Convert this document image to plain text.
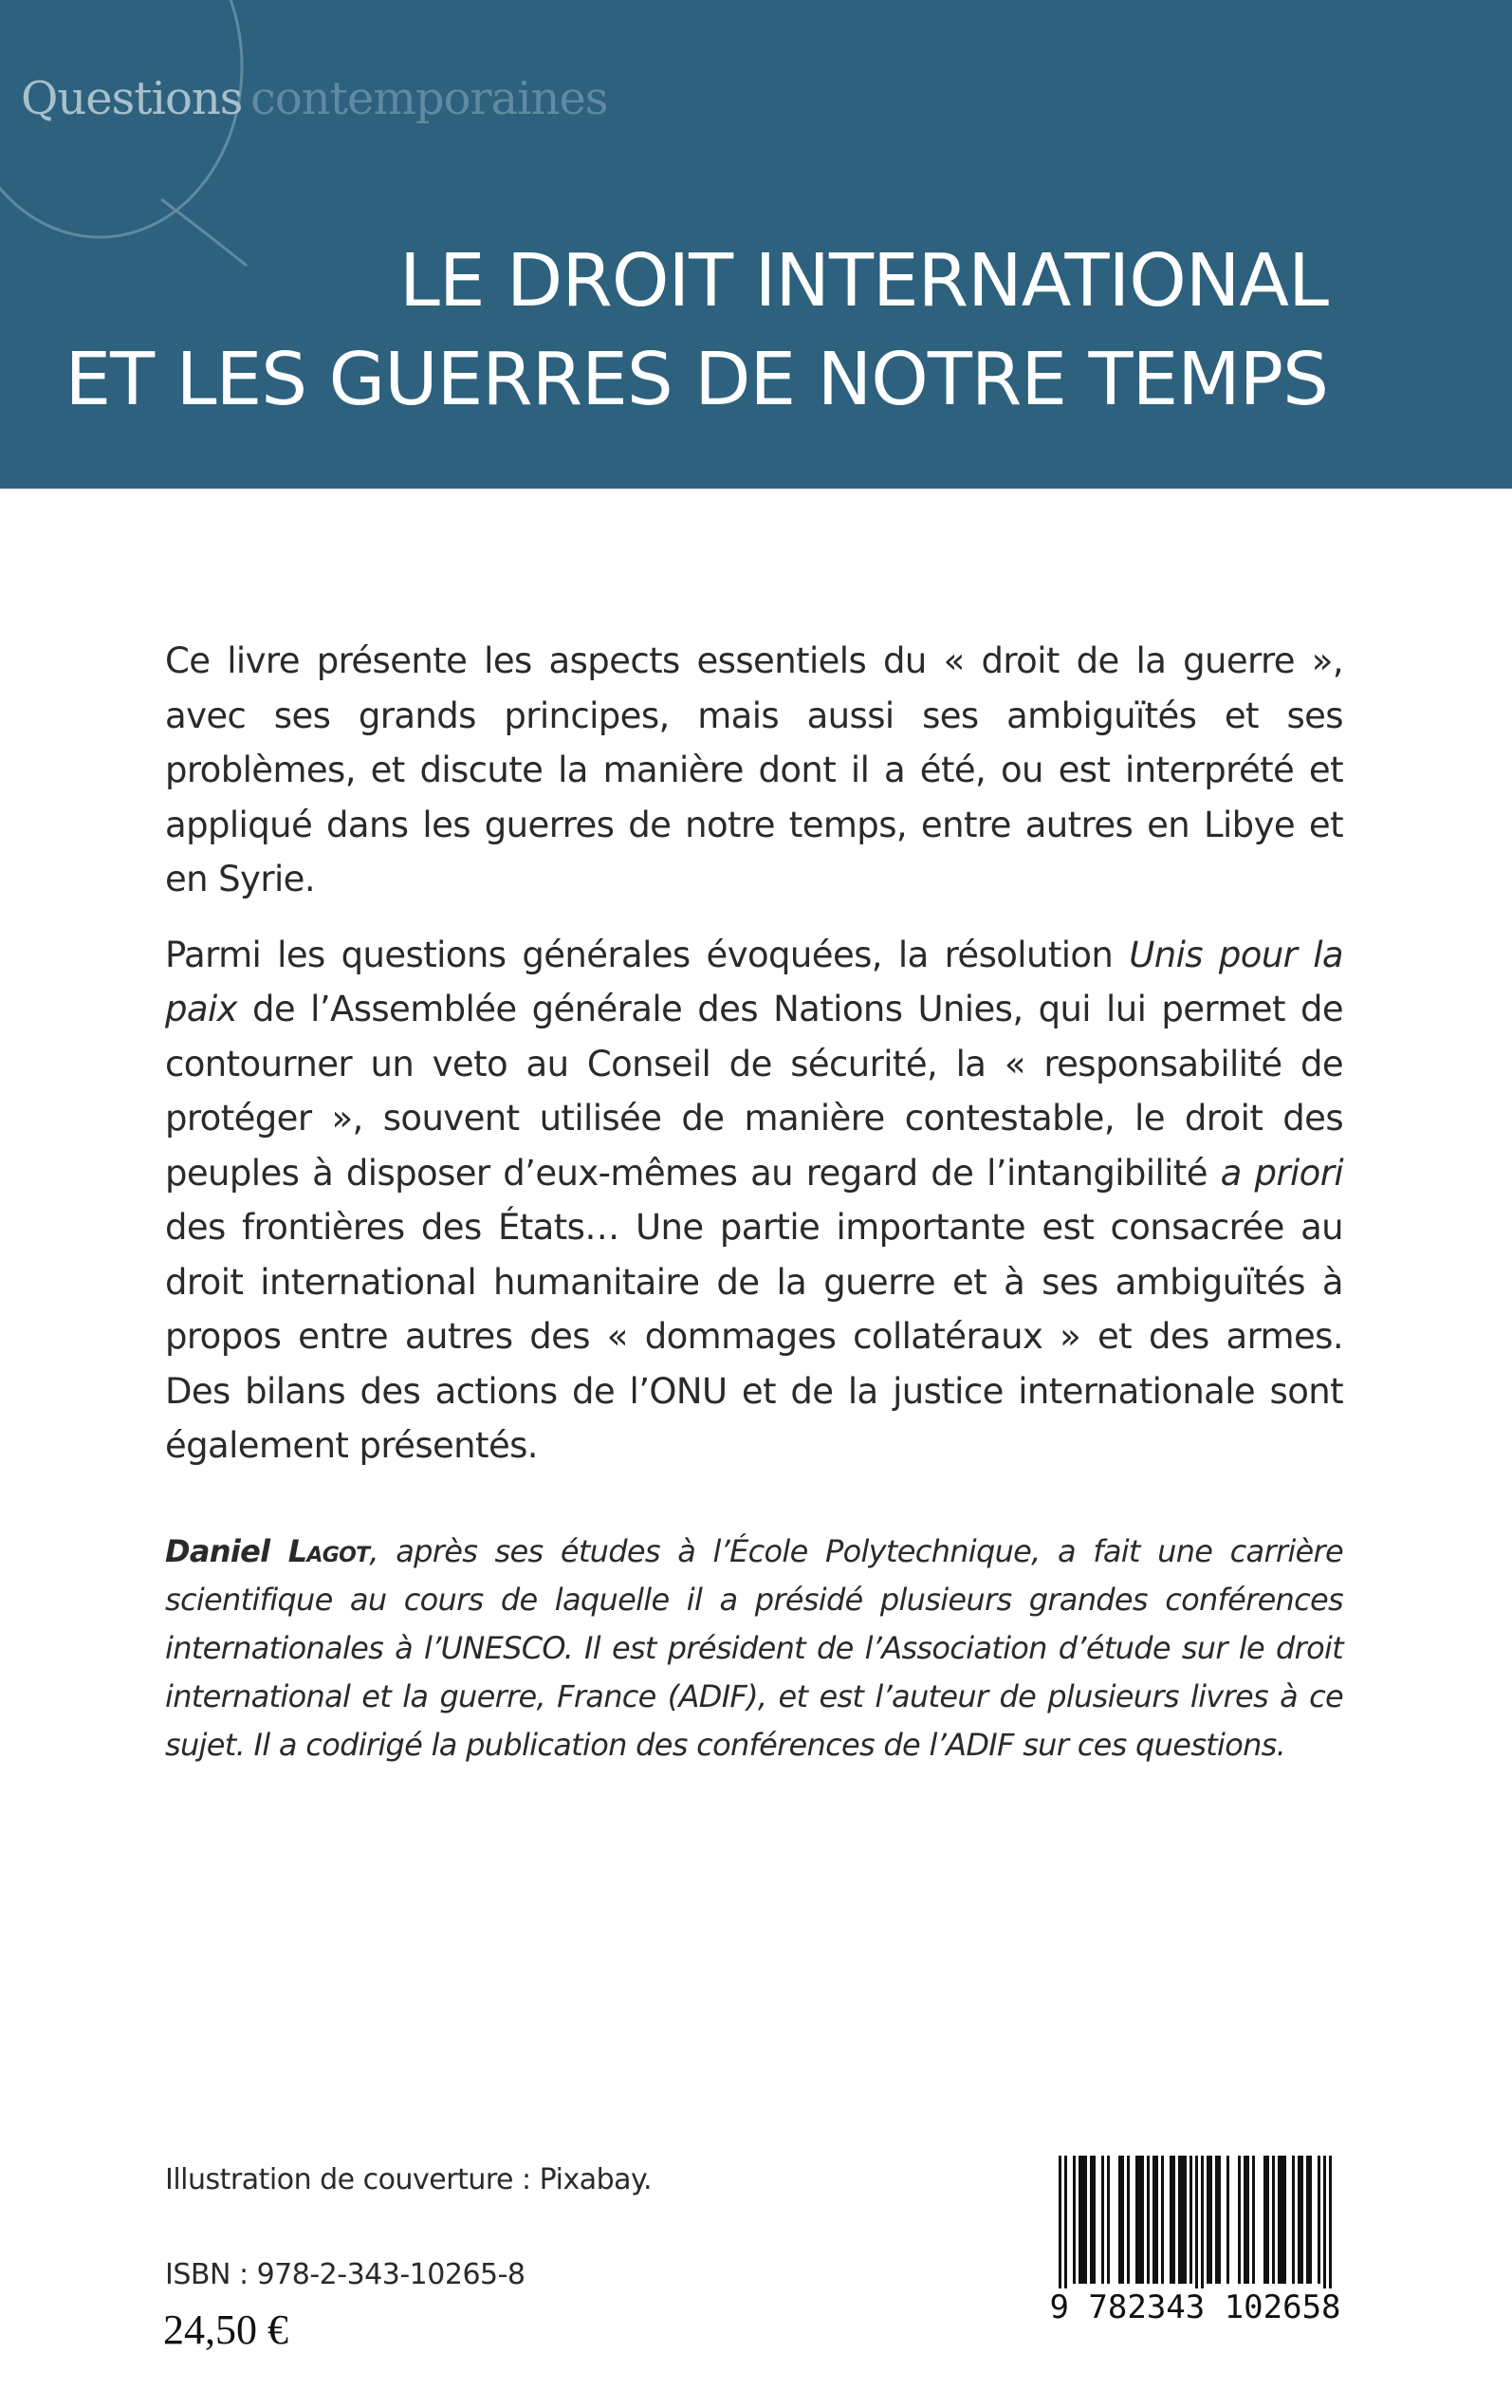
Questions contemporaines
LE DROIT INTERNATIONAL
ET LES GUERRES DE NOTRE TEMPS

Ce livre présente les aspects essentiels du « droit de la guerre », avec ses grands principes, mais aussi ses ambiguïtés et ses problèmes, et discute la manière dont il a été, ou est interprété et appliqué dans les guerres de notre temps, entre autres en Libye et en Syrie.

Parmi les questions générales évoquées, la résolution Unis pour la paix de l’Assemblée générale des Nations Unies, qui lui permet de contourner un veto au Conseil de sécurité, la « responsabilité de protéger », souvent utilisée de manière contestable, le droit des peuples à disposer d’eux-mêmes au regard de l’intangibilité a priori des frontières des États… Une partie importante est consacrée au droit international humanitaire de la guerre et à ses ambiguïtés à propos entre autres des « dommages collatéraux » et des armes. Des bilans des actions de l’ONU et de la justice internationale sont également présentés.

Daniel Lagot, après ses études à l’École Polytechnique, a fait une carrière scientifique au cours de laquelle il a présidé plusieurs grandes conférences internationales à l’UNESCO. Il est président de l’Association d’étude sur le droit international et la guerre, France (ADIF), et est l’auteur de plusieurs livres à ce sujet. Il a codirigé la publication des conférences de l’ADIF sur ces questions.

Illustration de couverture : Pixabay.
ISBN : 978-2-343-10265-8
24,50 €	9 782343 102658
